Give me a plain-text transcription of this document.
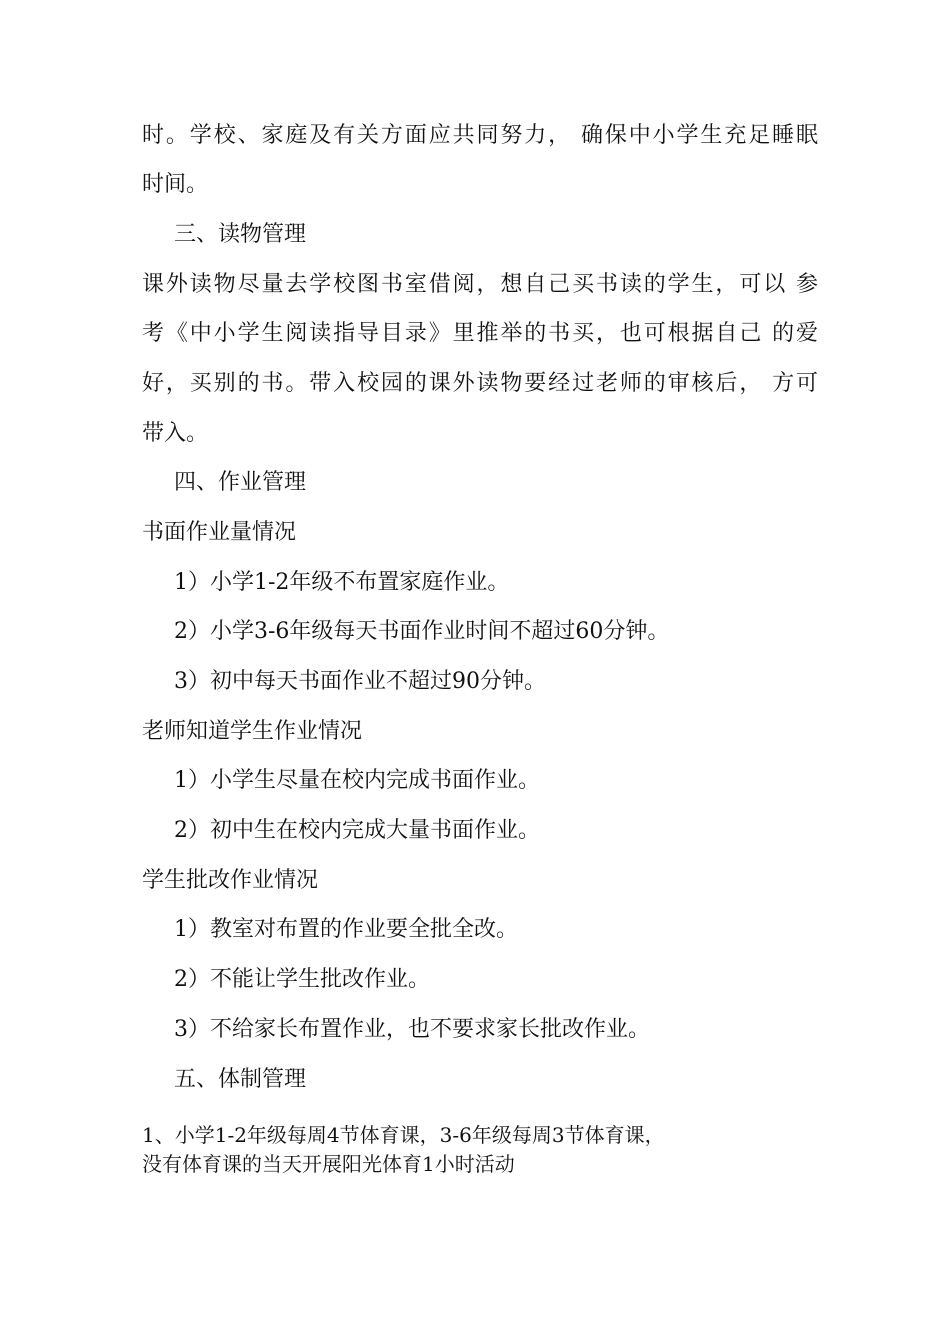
时。学校、家庭及有关方面应共同努力， 确保中小学生充足睡眠

时间。

三、读物管理

课外读物尽量去学校图书室借阅，想自己买书读的学生，可以 参

考《中小学生阅读指导目录》里推举的书买，也可根据自己 的爱

好，买别的书。带入校园的课外读物要经过老师的审核后， 方可

带入。

四、作业管理

书面作业量情况

1）小学1-2年级不布置家庭作业。

2）小学3-6年级每天书面作业时间不超过60分钟。

3）初中每天书面作业不超过90分钟。

老师知道学生作业情况

1）小学生尽量在校内完成书面作业。

2）初中生在校内完成大量书面作业。

学生批改作业情况

1）教室对布置的作业要全批全改。

2）不能让学生批改作业。

3）不给家长布置作业，也不要求家长批改作业。

五、体制管理

1、小学1-2年级每周4节体育课，3-6年级每周3节体育课，

没有体育课的当天开展阳光体育1小时活动
